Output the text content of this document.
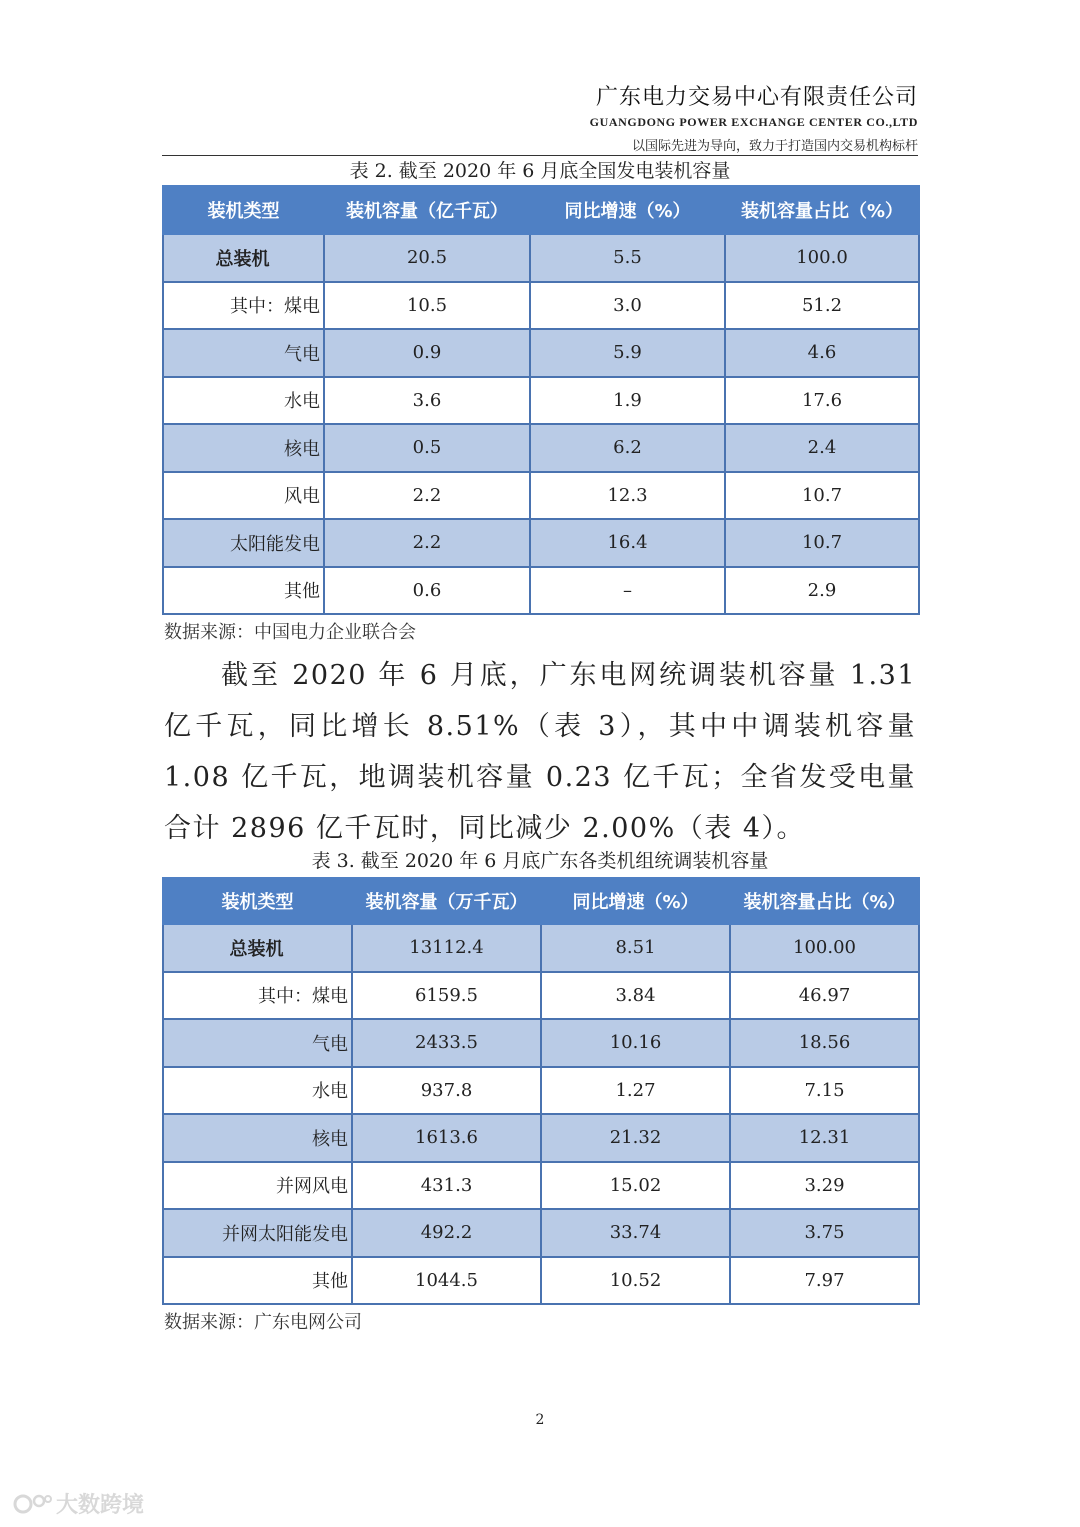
广东电力交易中心有限责任公司
GUANGDONG POWER EXCHANGE CENTER CO.,LTD
以国际先进为导向，致力于打造国内交易机构标杆
表 2. 截至 2020 年 6 月底全国发电装机容量
装机类型	装机容量（亿千瓦）	同比增速（%）	装机容量占比（%）
总装机	20.5	5.5	100.0
其中：煤电	10.5	3.0	51.2
气电	0.9	5.9	4.6
水电	3.6	1.9	17.6
核电	0.5	6.2	2.4
风电	2.2	12.3	10.7
太阳能发电	2.2	16.4	10.7
其他	0.6	–	2.9
数据来源：中国电力企业联合会
截至 2020 年 6 月底，广东电网统调装机容量 1.31 亿千瓦，同比增长 8.51%（表 3），其中中调装机容量 1.08 亿千瓦，地调装机容量 0.23 亿千瓦；全省发受电量合计 2896 亿千瓦时，同比减少 2.00%（表 4）。
表 3. 截至 2020 年 6 月底广东各类机组统调装机容量
装机类型	装机容量（万千瓦）	同比增速（%）	装机容量占比（%）
总装机	13112.4	8.51	100.00
其中：煤电	6159.5	3.84	46.97
气电	2433.5	10.16	18.56
水电	937.8	1.27	7.15
核电	1613.6	21.32	12.31
并网风电	431.3	15.02	3.29
并网太阳能发电	492.2	33.74	3.75
其他	1044.5	10.52	7.97
数据来源：广东电网公司
2
大数跨境
